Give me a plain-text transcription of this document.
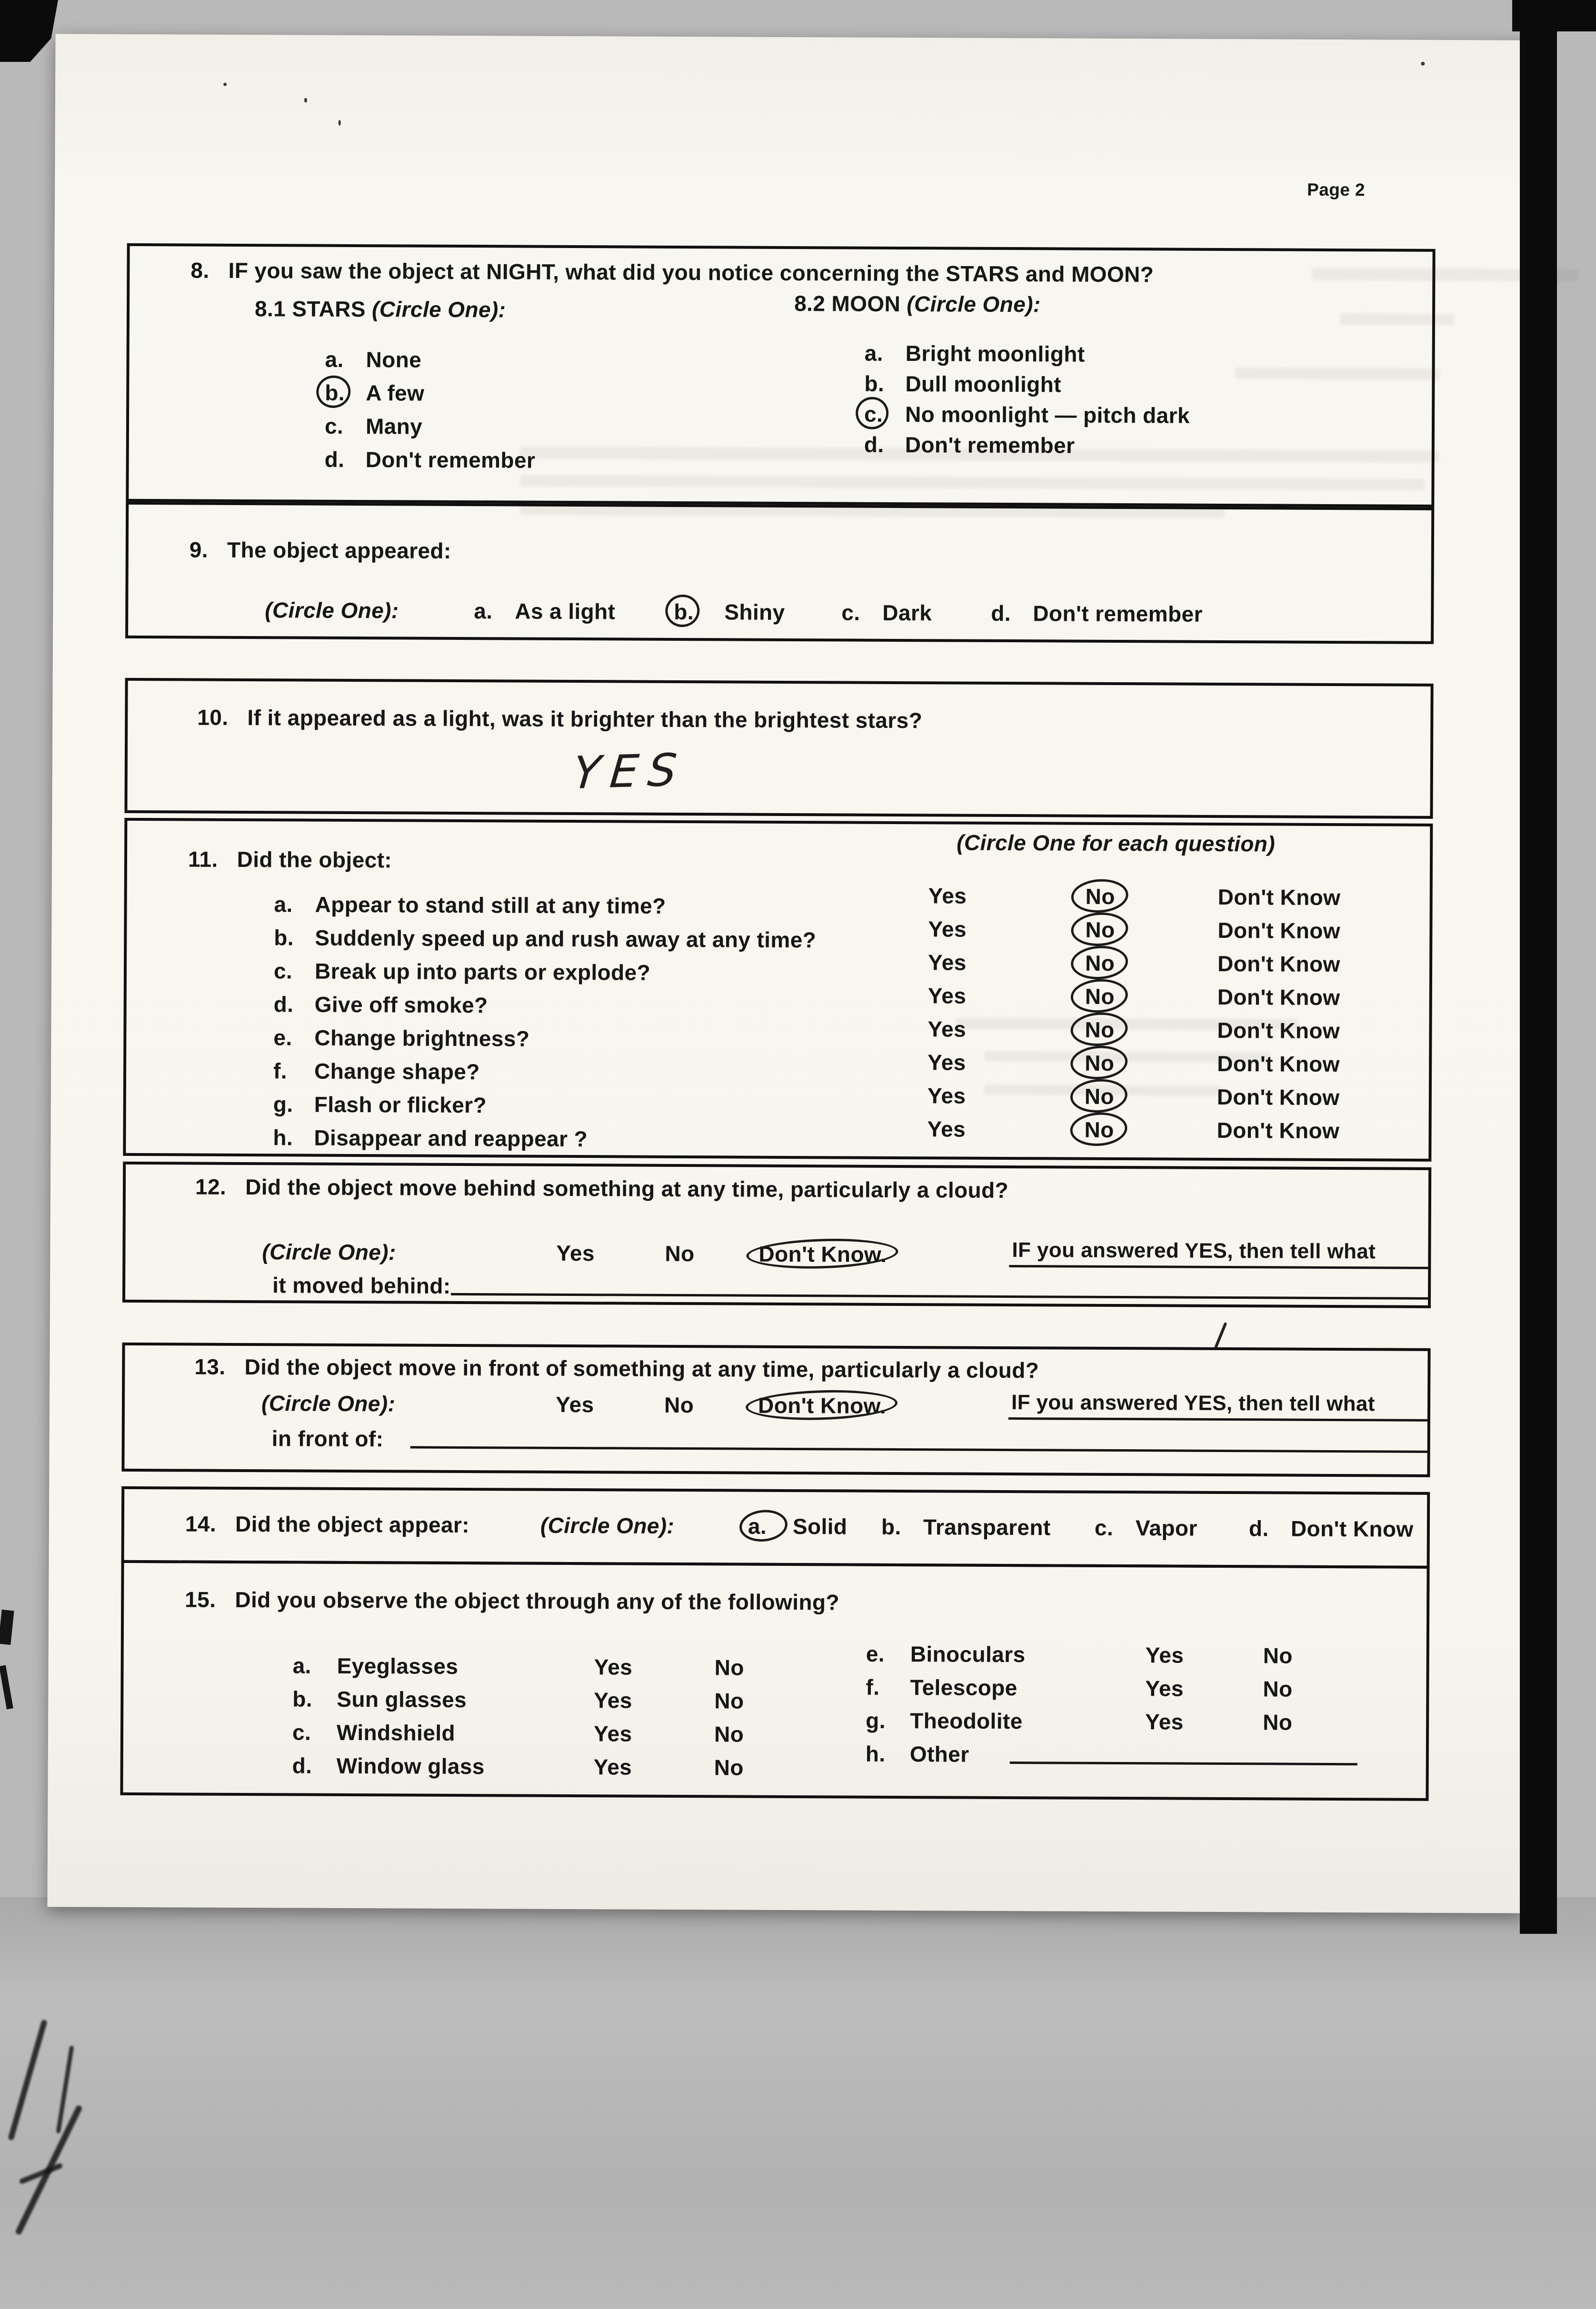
Page 2
8. IF you saw the object at NIGHT, what did you notice concerning the STARS and MOON?
8.1 STARS (Circle One):	8.2 MOON (Circle One):
a. None
b. A few
c. Many
d. Don't remember
a. Bright moonlight
b. Dull moonlight
c. No moonlight — pitch dark
d. Don't remember
9. The object appeared:
(Circle One):	a. As a light	b. Shiny	c. Dark	d. Don't remember
10. If it appeared as a light, was it brighter than the brightest stars?
YES
(Circle One for each question)
11. Did the object:
a. Appear to stand still at any time?	Yes	No	Don't Know
b. Suddenly speed up and rush away at any time?	Yes	No	Don't Know
c. Break up into parts or explode?	Yes	No	Don't Know
d. Give off smoke?	Yes	No	Don't Know
e. Change brightness?	Yes	No	Don't Know
f. Change shape?	Yes	No	Don't Know
g. Flash or flicker?	Yes	No	Don't Know
h. Disappear and reappear ?	Yes	No	Don't Know
12. Did the object move behind something at any time, particularly a cloud?
(Circle One):	Yes	No	Don't Know.	IF you answered YES, then tell what
it moved behind:
13. Did the object move in front of something at any time, particularly a cloud?
(Circle One):	Yes	No	Don't Know.	IF you answered YES, then tell what
in front of:
14. Did the object appear:	(Circle One):	a. Solid b. Transparent c. Vapor d. Don't Know
15. Did you observe the object through any of the following?
a. Eyeglasses	Yes	No
b. Sun glasses	Yes	No
c. Windshield	Yes	No
d. Window glass	Yes	No
e. Binoculars	Yes	No
f. Telescope	Yes	No
g. Theodolite	Yes	No
h. Other
